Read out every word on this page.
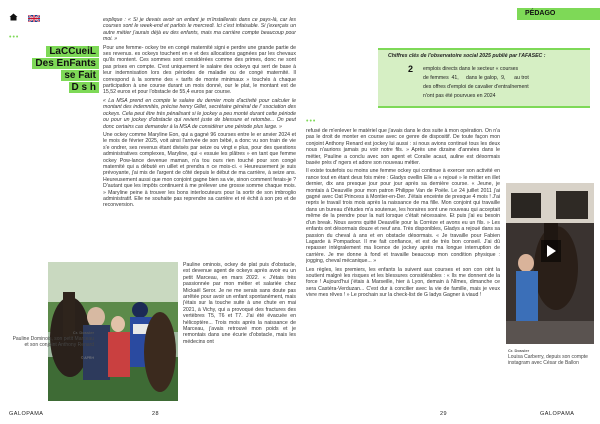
PÉDAGO
•••
LaCCueiL
Des EnFants
se Fait
D s h

explique : « Si je devais avoir un enfant je m'installerais dans ce pays-là, car les courses sont le week-end et parfois le mercredi. Ici c'est infaisable. Si j'exerçais un autre métier j'aurais déjà eu des enfants, mais ma carrière compte beaucoup pour moi. »

Pour une femme- ockey tre en congé maternité signi e perdre une grande partie de ses revenus. es ockeys touchent en e et des allocations gagnées par les chevaux qu'ils montent. Ces sommes sont considérées comme des primes, donc ne sont pas prises en compte. C'est uniquement le salaire des ockeys qui sert de base à leur indemnisation lors des périodes de maladie ou de congé maternité. Il correspond à la somme des « tarifs de monte minimaux » touchés à chaque participation à une course durant un mois donné, our le plat, le montant est de 15,52 euros et pour l'obstacle de 55,4 euros par course.

« La MSA prend en compte le salaire du dernier mois d'activité pour calculer le montant des indemnités, précise henry Gillet, secrétaire général de l' ssociation des ockeys. Cela peut être très pénalisant si le jockey a peu monté durant cette période ou pour un jockey d'obstacle qui revient juste de blessure et retombe... On peut donc certains cas demander à la MSA de considérer une période plus large. »

Une ockey comme Maryline Eon, qui a gagné 96 courses entre le er anvier 2024 et le mois de février 2025, voit ainsi l'arrivée de son bébé, a donc vu son train de vie s'e ondrer, ses revenus étant divisés par seize ou vingt e plus, pour des questions administratives complexes, Maryline, qui « essuie les plâtres » en tant que femme ockey Pow-lance devenue maman, n'a tou ours rien touché pour son congé maternité qui a débuté en uillet et prendra n ce mois-ci. « Heureusement je suis prévoyante, j'ai mis de l'argent de côté depuis le début de ma carrière, à seize ans. Heureusement aussi que mon conjoint gagne bien sa vie, sinon comment ferais-je ? D'autant que les impôts continuent à me prélever une grosse somme chaque mois. » Maryline peine à trouver les bons interlocuteurs pour la sortir de son imbroglio administratif. Elle ne souhaite pas reprendre sa carrière et ré échit à son pro et de reconversion.

Cr. Dossier
Pauline Dominois, son petit Marceau et son conjoint Anthony Renard
© APRH

Pauline ominois, ockey de plat puis d'obstacle, est devenue agent de ockeys après avoir eu un petit Marceau, en mars 2022. « J'étais très passionnée par mon métier et salariée chez Mickaël Seror. Je ne me serais sans doute pas arrêtée pour avoir un enfant spontanément, mais j'étais sur la touche suite à une chute en mai 2021, à Vichy, qui a provoqué des fractures des vertèbres T5, T6 et T7. J'ai été évacuée en hélicoptère... Trois mois après la naissance de Marceau, j'avais retrouvé mon poids et je remontais dans une écurie d'obstacle, mais les médecins ont

GALOPAMA	28
Chiffres clés de l'observatoire social 2025 publié par l'AFASEC :
2 emplois directs dans le secteur « courses
de femmes  41,     dans le galop,  9,      au trot
des offres d'emploi de cavalier d'entraînement
n'ont pas été pourvues en 2024
•••

refusé de m'enlever le matériel que j'avais dans le dos suite à mon opération. On n'a pas le droit de monter en course avec ce genre de dispositif. De toute façon mon conjoint Anthony Renard est jockey lui aussi : si nous avions continué tous les deux nous n'aurions jamais pu voir notre fils. » Après une dizaine d'années dans le métier, Pauline a conclu avec son agent et Coralie acaut, auline est désormais basée près d' ngers et adore son nouveau métier.

Il existe toutefois ou moins une femme ockey qui continue à exercer son activité en rance tout en étant deux fois mère : Gladys ovellin Elle a « rejoué » le métier en illet dernier, dix ans presque jour pour jour après sa dernière course. « Jeune, je montais à Deauville pour mon patron Philippe Van de Poële. Le 24 juillet 2011 j'ai gagné avec Oat Princess à Montier-en-Der. J'étais enceinte de presque 4 mois ! J'ai repris le travail trois mois après la naissance de ma fille. Mon conjoint qui travaille dans un bureau d'études m'a soutenue, les horaires sont une nouveau qui acceptait même de la prendre pour la nuit lorsque c'était nécessaire. Et puis j'ai eu besoin d'un break. Nous avons quitté Deauville pour la Corrèze et avons eu un fils. » Les enfants ont désormais douze et neuf ans. Très disponibles, Gladys a rejoué dans sa passion du cheval à ans et en obstacle désormais. « Je travaille pour Fabien Lagarde à Pompadour. Il me fait confiance, et est de très bon conseil. J'ai dû repasser intégralement ma licence de jockey après ma longue interruption de carrière. Je me donne à fond et travaille beaucoup mon condition physique : jogging, cheval mécanique... »

Les règles, les premiers, les enfants la suivent aux courses et son con oint la soutient malgré les risques et les blessures considérables : « Ils me donnent de la force ! Aujourd'hui j'étais à Marseille, hier à Lyon, demain à Nîmes, dimanche ce sera Castéra-Verduzan... C'est dur à concilier avec la vie de famille, mais je veux vivre mes rêves ! » Le prochain sur la check-list de G ladys Gagner à viaud !

Cr. Dossier
Louisa Carberry, depuis son compte instagram avec César de Ballon
29	GALOPAMA
